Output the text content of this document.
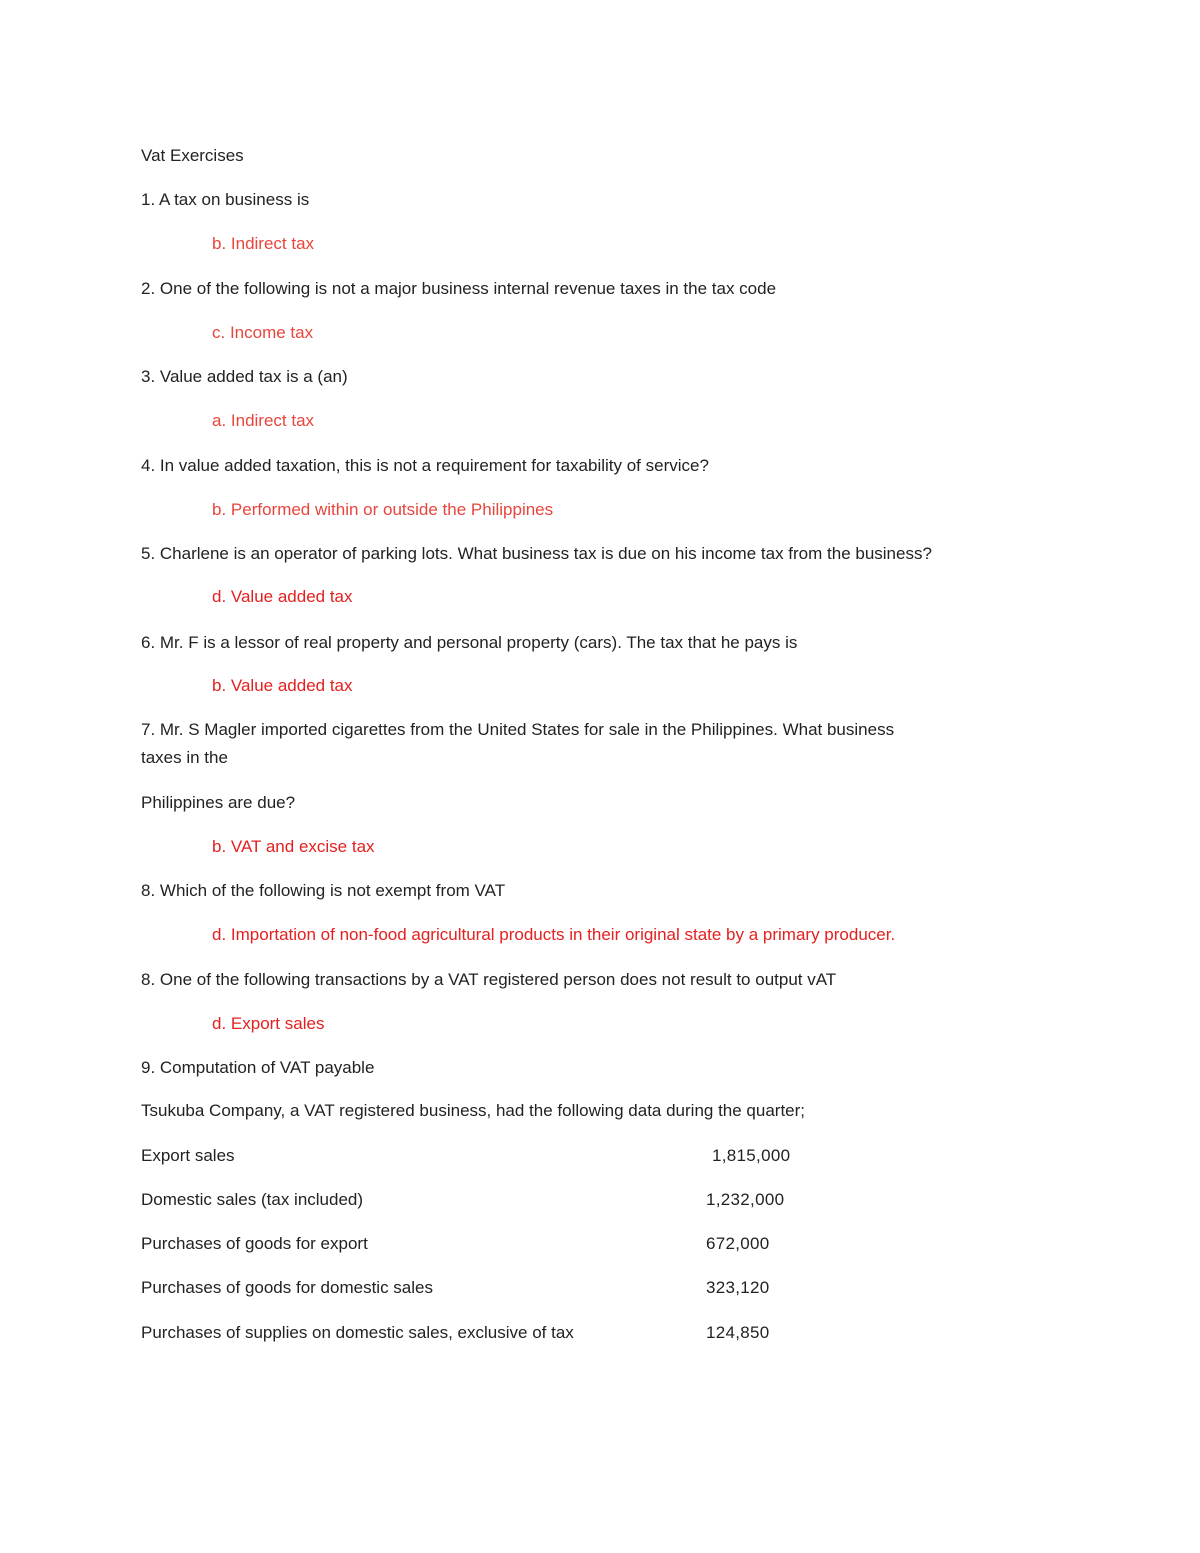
Vat Exercises
1. A tax on business is
b. Indirect tax
2. One of the following is not a major business internal revenue taxes in the tax code
c. Income tax
3. Value added tax is a (an)
a. Indirect tax
4. In value added taxation, this is not a requirement for taxability of service?
b. Performed within or outside the Philippines
5. Charlene is an operator of parking lots. What business tax is due on his income tax from the business?
d. Value added tax
6. Mr. F is a lessor of real property and personal property (cars). The tax that he pays is
b. Value added tax
7. Mr. S Magler imported cigarettes from the United States for sale in the Philippines. What business
taxes in the
Philippines are due?
b. VAT and excise tax
8. Which of the following is not exempt from VAT
d. Importation of non-food agricultural products in their original state by a primary producer.
8. One of the following transactions by a VAT registered person does not result to output vAT
d. Export sales
9. Computation of VAT payable
Tsukuba Company, a VAT registered business, had the following data during the quarter;
Export sales	1,815,000
Domestic sales (tax included)	1,232,000
Purchases of goods for export	672,000
Purchases of goods for domestic sales	323,120
Purchases of supplies on domestic sales, exclusive of tax	124,850
